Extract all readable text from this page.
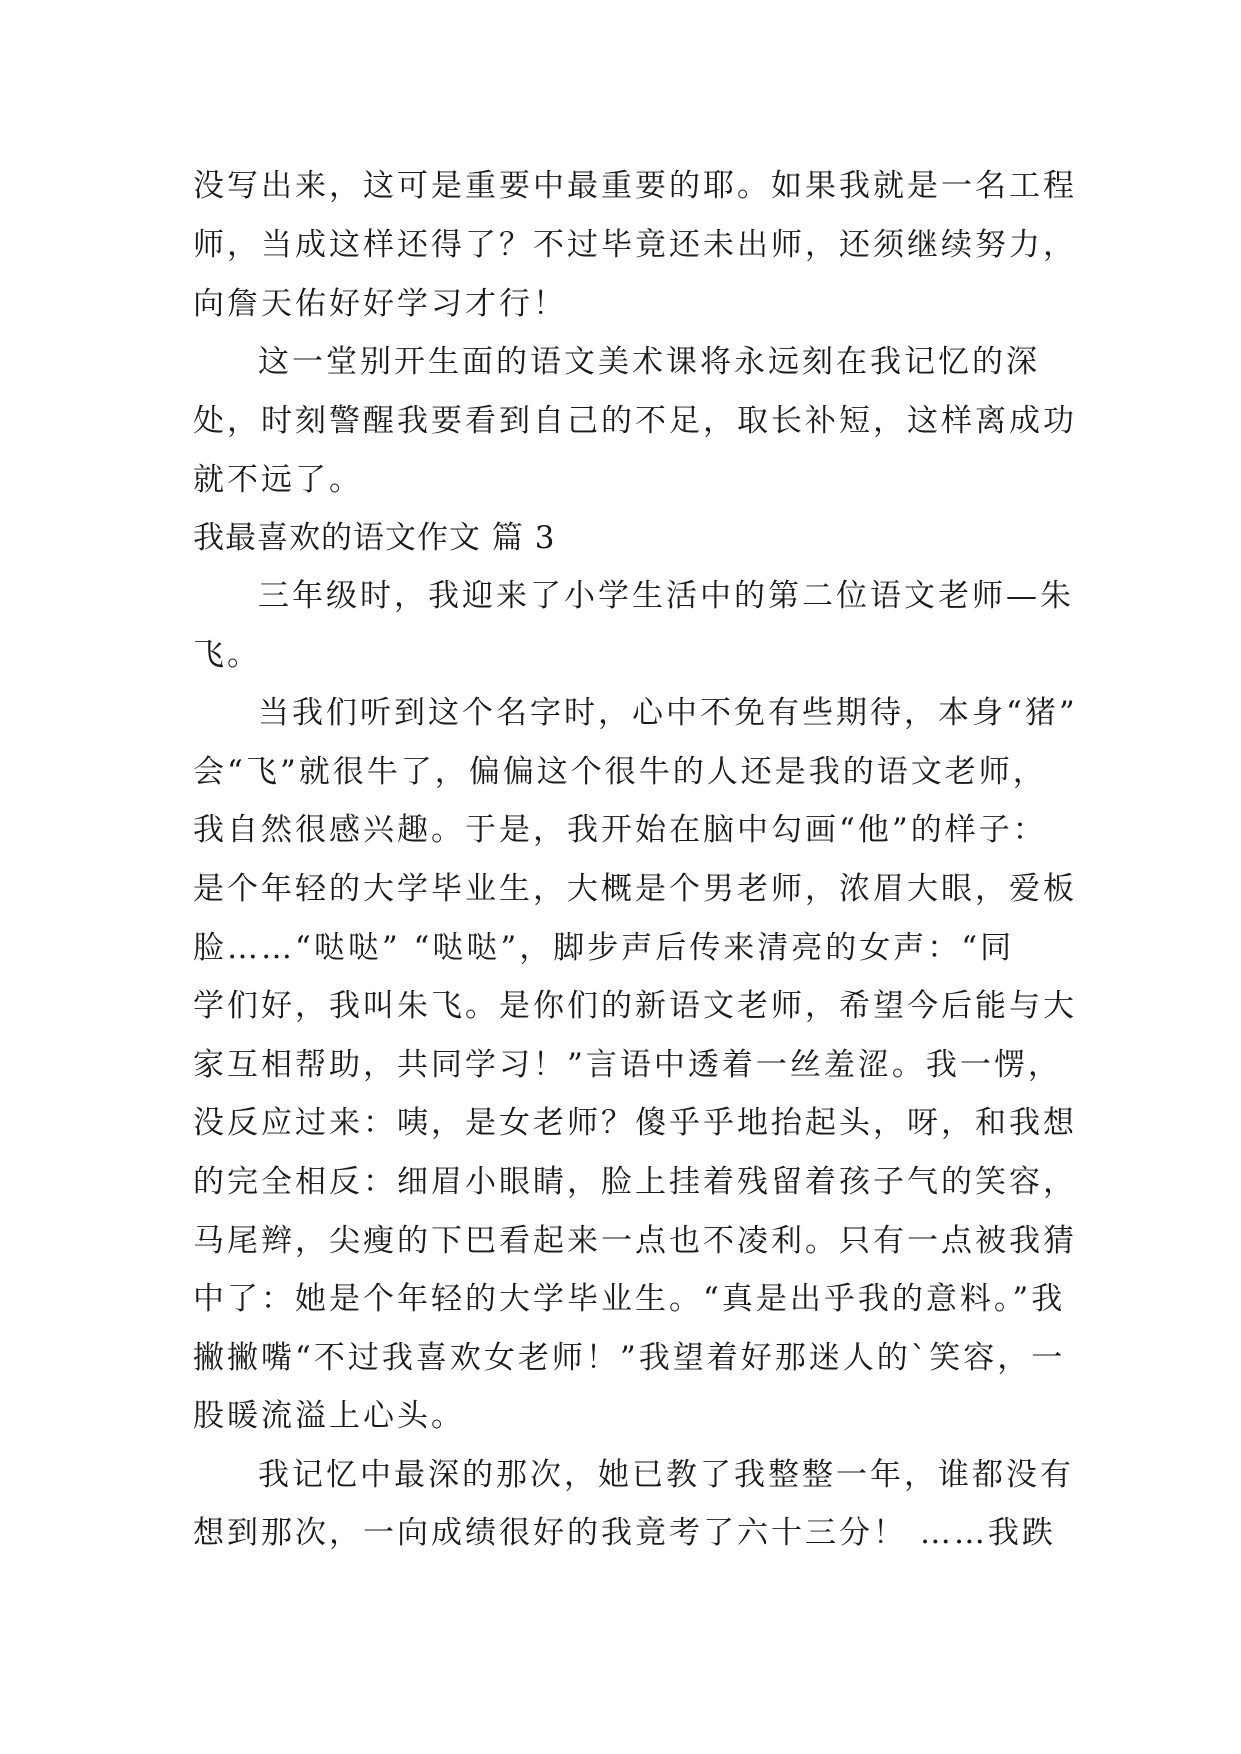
没写出来，这可是重要中最重要的耶。如果我就是一名工程
师，当成这样还得了？不过毕竟还未出师，还须继续努力，
向詹天佑好好学习才行！
这一堂别开生面的语文美术课将永远刻在我记忆的深
处，时刻警醒我要看到自己的不足，取长补短，这样离成功
就不远了。
我最喜欢的语文作文 篇 3
三年级时，我迎来了小学生活中的第二位语文老师—朱
飞。
当我们听到这个名字时，心中不免有些期待，本身“猪”
会“飞”就很牛了，偏偏这个很牛的人还是我的语文老师，
我自然很感兴趣。于是，我开始在脑中勾画“他”的样子：
是个年轻的大学毕业生，大概是个男老师，浓眉大眼，爱板
脸……“哒哒” “哒哒”，脚步声后传来清亮的女声：“同
学们好，我叫朱飞。是你们的新语文老师，希望今后能与大
家互相帮助，共同学习！”言语中透着一丝羞涩。我一愣，
没反应过来：咦，是女老师？傻乎乎地抬起头，呀，和我想
的完全相反：细眉小眼睛，脸上挂着残留着孩子气的笑容，
马尾辫，尖瘦的下巴看起来一点也不凌利。只有一点被我猜
中了：她是个年轻的大学毕业生。“真是出乎我的意料。”我
撇撇嘴“不过我喜欢女老师！”我望着好那迷人的`笑容，一
股暖流溢上心头。
我记忆中最深的那次，她已教了我整整一年，谁都没有
想到那次，一向成绩很好的我竟考了六十三分！ ……我跌
